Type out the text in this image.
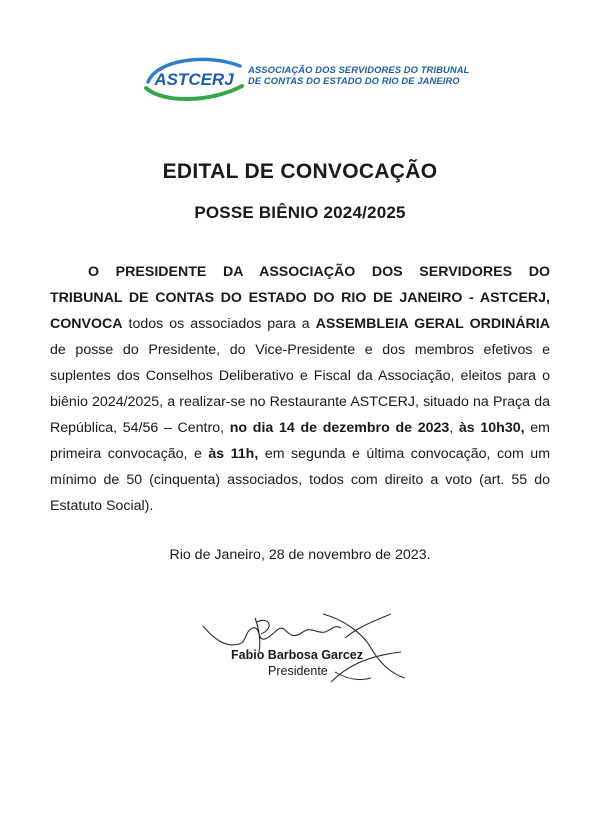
ASTCERJ
ASSOCIAÇÃO DOS SERVIDORES DO TRIBUNAL
DE CONTAS DO ESTADO DO RIO DE JANEIRO
EDITAL DE CONVOCAÇÃO
POSSE BIÊNIO 2024/2025
O PRESIDENTE DA ASSOCIAÇÃO DOS SERVIDORES DO TRIBUNAL DE CONTAS DO ESTADO DO RIO DE JANEIRO - ASTCERJ, CONVOCA todos os associados para a ASSEMBLEIA GERAL ORDINÁRIA de posse do Presidente, do Vice-Presidente e dos membros efetivos e suplentes dos Conselhos Deliberativo e Fiscal da Associação, eleitos para o biênio 2024/2025, a realizar-se no Restaurante ASTCERJ, situado na Praça da República, 54/56 – Centro, no dia 14 de dezembro de 2023, às 10h30, em primeira convocação, e às 11h, em segunda e última convocação, com um mínimo de 50 (cinquenta) associados, todos com direito a voto (art. 55 do Estatuto Social).
Rio de Janeiro, 28 de novembro de 2023.
Fabio Barbosa Garcez
Presidente
